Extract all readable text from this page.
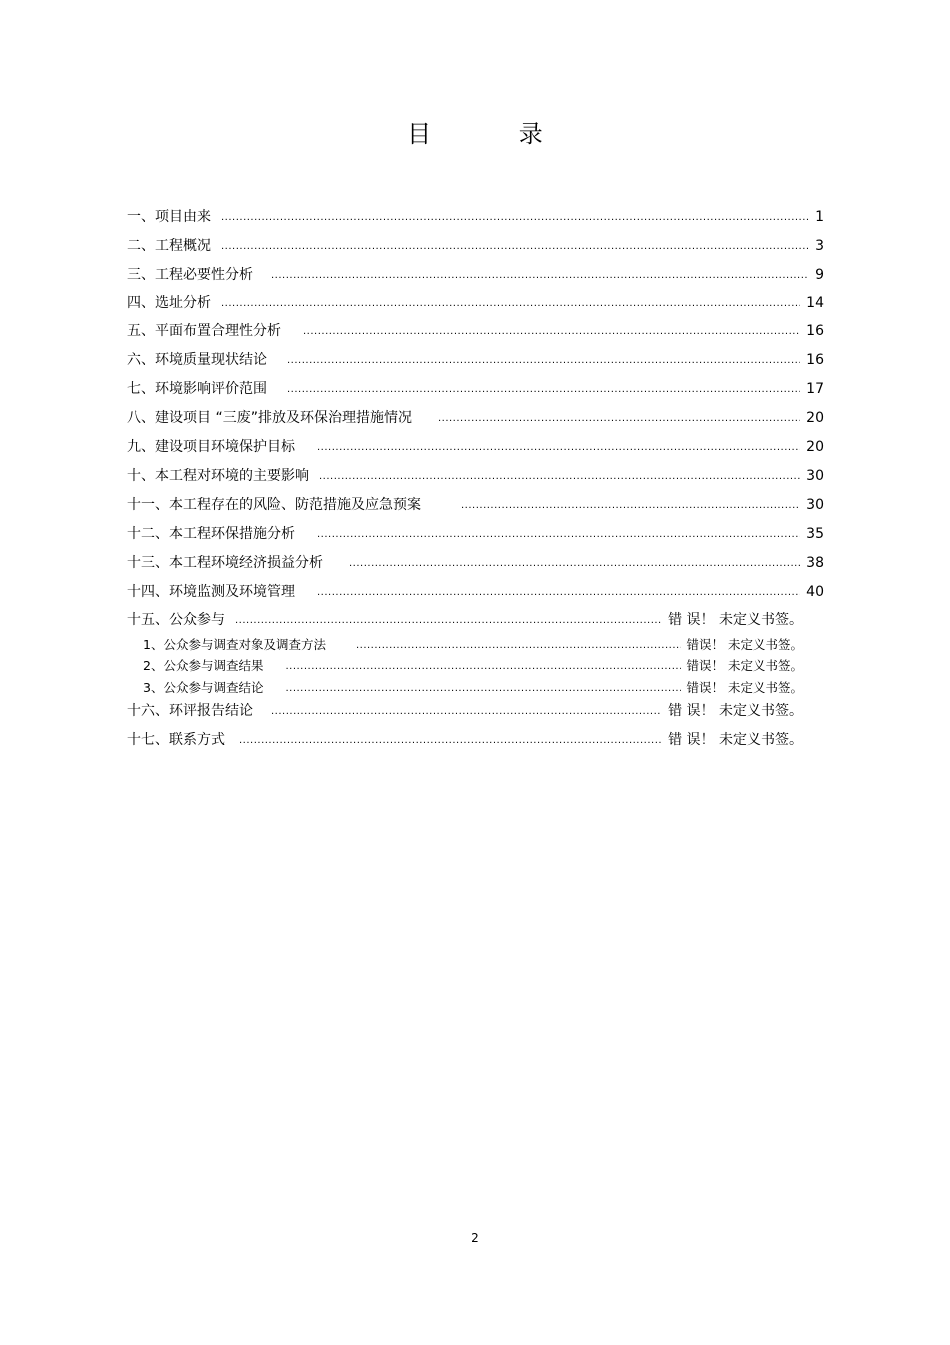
目 录
一、项目由来 .....	1
二、工程概况 .....	3
三、工程必要性分析 .....	9
四、选址分析 .....	14
五、平面布置合理性分析 .....	16
六、环境质量现状结论 .....	16
七、环境影响评价范围 .....	17
八、建设项目 “三废”排放及环保治理措施情况 .....	20
九、建设项目环境保护目标 .....	20
十、本工程对环境的主要影响 .....	30
十一、本工程存在的风险、防范措施及应急预案 .....	30
十二、本工程环保措施分析 .....	35
十三、本工程环境经济损益分析 .....	38
十四、环境监测及环境管理 .....	40
十五、公众参与 .....	错 误！ 未定义书签。
1、公众参与调查对象及调查方法 .....	错误！ 未定义书签。
2、公众参与调查结果 .....	错误！ 未定义书签。
3、公众参与调查结论 .....	错误！ 未定义书签。
十六、环评报告结论 .....	错 误！ 未定义书签。
十七、联系方式 .....	错 误！ 未定义书签。
2
